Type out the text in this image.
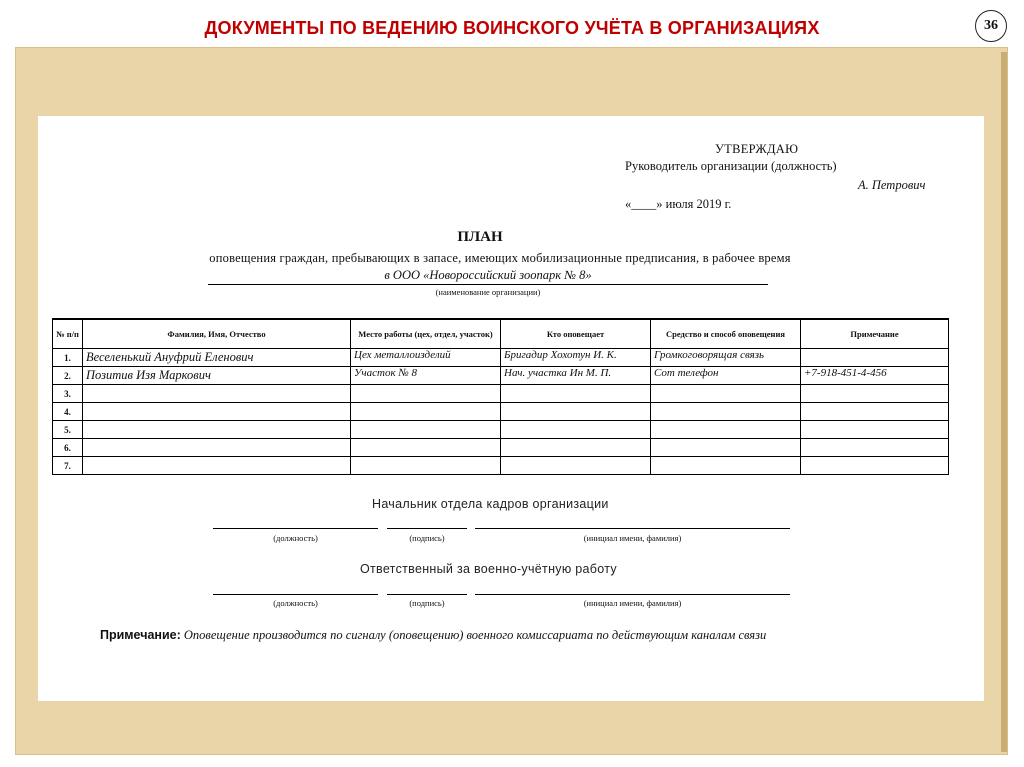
ДОКУМЕНТЫ ПО ВЕДЕНИЮ ВОИНСКОГО УЧЁТА В ОРГАНИЗАЦИЯХ	36
УТВЕРЖДАЮ
Руководитель организации (должность)
А. Петрович
«____» июля 2019 г.
ПЛАН
оповещения граждан, пребывающих в запасе, имеющих мобилизационные предписания, в рабочее время
в ООО «Новороссийский зоопарк № 8»
(наименование организации)
№ п/п	Фамилия, Имя, Отчество	Место работы (цех, отдел, участок)	Кто оповещает	Средство и способ оповещения	Примечание
1.	Веселенький Ануфрий Еленович	Цех металлоизделий	Бригадир Хохотун И. К.	Громкоговорящая связь	
2.	Позитив Изя Маркович	Участок № 8	Нач. участка Ин М. П.	Сот телефон	+7-918-451-4-456
3.					
4.					
5.					
6.					
7.					
Начальник отдела кадров организации
(должность)	(подпись)	(инициал имени, фамилия)
Ответственный за военно-учётную работу
(должность)	(подпись)	(инициал имени, фамилия)
Примечание: Оповещение производится по сигналу (оповещению) военного комиссариата по действующим каналам связи
